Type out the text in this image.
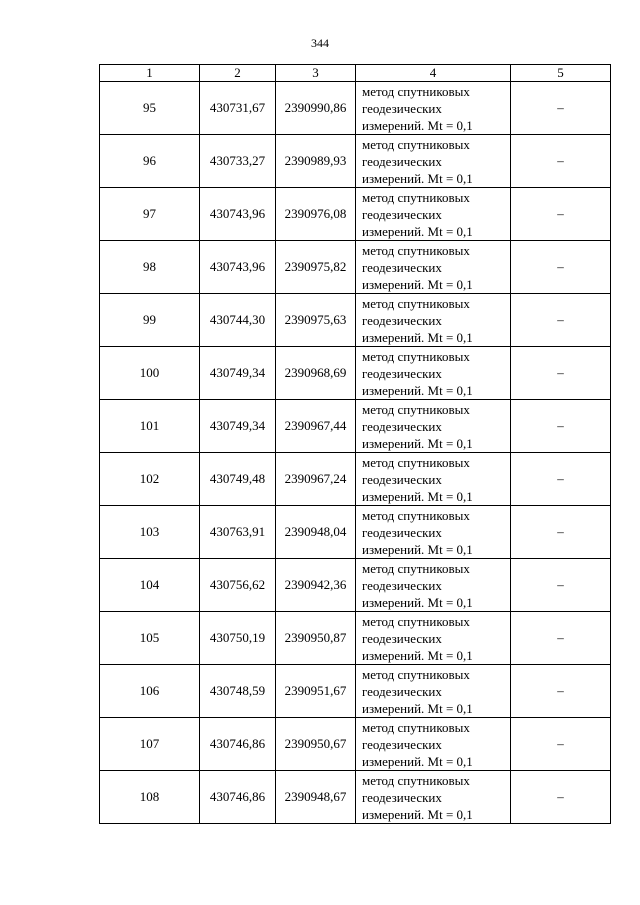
344
1	2	3	4	5
95	430731,67	2390990,86	метод спутниковых
геодезических
измерений. Mt = 0,1	–
96	430733,27	2390989,93	метод спутниковых
геодезических
измерений. Mt = 0,1	–
97	430743,96	2390976,08	метод спутниковых
геодезических
измерений. Mt = 0,1	–
98	430743,96	2390975,82	метод спутниковых
геодезических
измерений. Mt = 0,1	–
99	430744,30	2390975,63	метод спутниковых
геодезических
измерений. Mt = 0,1	–
100	430749,34	2390968,69	метод спутниковых
геодезических
измерений. Mt = 0,1	–
101	430749,34	2390967,44	метод спутниковых
геодезических
измерений. Mt = 0,1	–
102	430749,48	2390967,24	метод спутниковых
геодезических
измерений. Mt = 0,1	–
103	430763,91	2390948,04	метод спутниковых
геодезических
измерений. Mt = 0,1	–
104	430756,62	2390942,36	метод спутниковых
геодезических
измерений. Mt = 0,1	–
105	430750,19	2390950,87	метод спутниковых
геодезических
измерений. Mt = 0,1	–
106	430748,59	2390951,67	метод спутниковых
геодезических
измерений. Mt = 0,1	–
107	430746,86	2390950,67	метод спутниковых
геодезических
измерений. Mt = 0,1	–
108	430746,86	2390948,67	метод спутниковых
геодезических
измерений. Mt = 0,1	–
